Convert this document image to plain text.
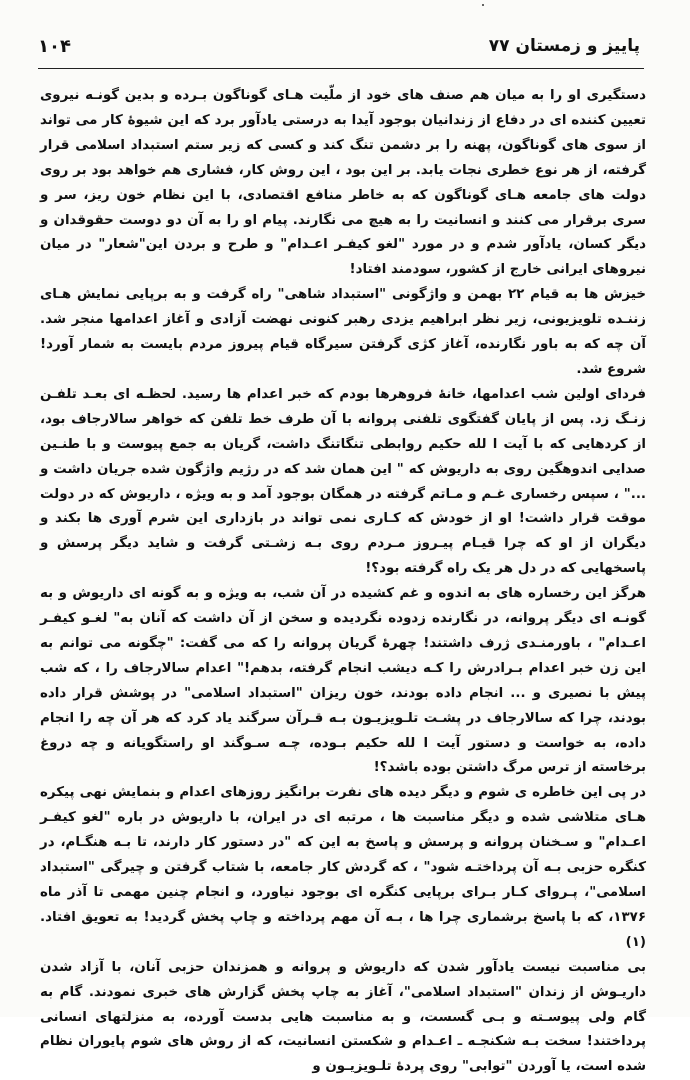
پاییز و زمستان ۷۷
۱۰۴

دستگیری او را به میان هم صنف های خود از ملّیت هـای گوناگون بـرده و بدین گونـه نیروی تعیین کننده ای در دفاع از زندانیان بوجود آیدا به درستی یادآور برد که این شیوهٔ کار می تواند از سوی های گوناگون، پهنه را بر دشمن تنگ کند و کسی که زیر ستم استبداد اسلامی قرار گرفته، از هر نوع خطری نجات یابد. بر این بود ، این روش کار، فشاری هم خواهد بود بر روی دولت های جامعه هـای گوناگون که به خاطر منافع اقتصادی، با این نظام خون ریز، سر و سری برقرار می کنند و انسانیت را به هیچ می نگارند. پیام او را به آن دو دوست حقوقدان و دیگر کسان، یادآور شدم و در مورد "لغو کیفـر اعـدام" و طرح و بردن این"شعار" در میان نیروهای ایرانی خارج از کشور، سودمند افتاد!

خیزش ها به قیام ۲۲ بهمن و واژگونی "استبداد شاهی" راه گرفت و به برپایی نمایش هـای زننـده تلویزیونی، زیر نظر ابراهیم یزدی رهبر کنونی نهضت آزادی و آغاز اعدامها منجر شد. آن چه که به باور نگارنده، آغاز کژی گرفتن سیرگاه قیام پیروز مردم بایست به شمار آورد! شروع شد.

فردای اولین شب اعدامها، خانهٔ فروهرها بودم که خبر اعدام ها رسید. لحظـه ای بعـد تلفـن زنـگ زد. پس از پایان گفتگوی تلفنی پروانه با آن طرف خط تلفن که خواهر سالارجاف بود، از کردهایی که با آیت ا لله حکیم روابطی تنگاتنگ داشت، گریان به جمع پیوست و با طنـین صدایی اندوهگین روی به داریوش که " این همان شد که در رژیم واژگون شده جریان داشت و ..." ، سپس رخساری غـم و مـاتم گرفته در همگان بوجود آمد و به ویژه ، داریوش که در دولت موقت قرار داشت! او از خودش که کـاری نمی تواند در بازداری این شرم آوری ها بکند و دیگران از او که چرا قیـام پیـروز مـردم روی بـه زشـتی گرفت و شاید دیگر پرسش و پاسخهایی که در دل هر یک راه گرفته بود؟!

هرگز این رخساره های به اندوه و غم کشیده در آن شب، به ویژه و به گونه ای داریوش و به گونـه ای دیگر پروانه، در نگارنده زدوده نگردیده و سخن از آن داشت که آنان به" لغـو کیفـر اعـدام" ، باورمنـدی ژرف داشتند! چهرهٔ گریان پروانه را که می گفت: "چگونه می توانم به این زن خبر اعدام بـرادرش را کـه دیشب انجام گرفته، بدهم!" اعدام سالارجاف را ، که شب پیش با نصیری و ... انجام داده بودند، خون ریزان "استبداد اسلامی" در پوشش قرار داده بودند، چرا که سالارجاف در پشـت تلـویزیـون بـه قـرآن سرگند یاد کرد که هر آن چه را انجام داده، به خواست و دستور آیت ا لله حکیم بـوده، چـه سـوگند او راستگویانه و چه دروغ برخاسته از ترس مرگ داشتن بوده باشد؟!

در پی این خاطره ی شوم و دیگر دیده های نفرت برانگیز روزهای اعدام و بنمایش نهی پیکره هـای متلاشی شده و دیگر مناسبت ها ، مرتبه ای در ایران، با داریوش در باره "لغو کیفـر اعـدام" و سـخنان پروانه و پرسش و پاسخ به این که "در دستور کار دارند، تا بـه هنگـام، در کنگره حزبی بـه آن پرداختـه شود" ، که گردش کار جامعه، با شتاب گرفتن و چیرگی "استبداد اسلامی"، پـروای کـار بـرای برپایی کنگره ای بوجود نیاورد، و انجام چنین مهمی تا آذر ماه ۱۳۷۶، که با پاسخ برشماری چرا ها ، بـه آن مهم پرداخته و چاپ پخش گردید! به تعویق افتاد. (۱)

بی مناسبت نیست یادآور شدن که داریوش و پروانه و همزندان حزبی آنان، با آزاد شدن داریـوش از زندان "استبداد اسلامی"، آغاز به چاپ پخش گزارش های خبری نمودند. گام به گام ولی پیوسـته و بـی گسست، و به مناسبت هایی بدست آورده، به منزلتهای انسانی پرداختند! سخت بـه شکنجـه ـ اعـدام و شکستن انسانیت، که از روش های شوم پایوران نظام شده است، یا آوردن "توابی" روی پردهٔ تلـویزیـون و
